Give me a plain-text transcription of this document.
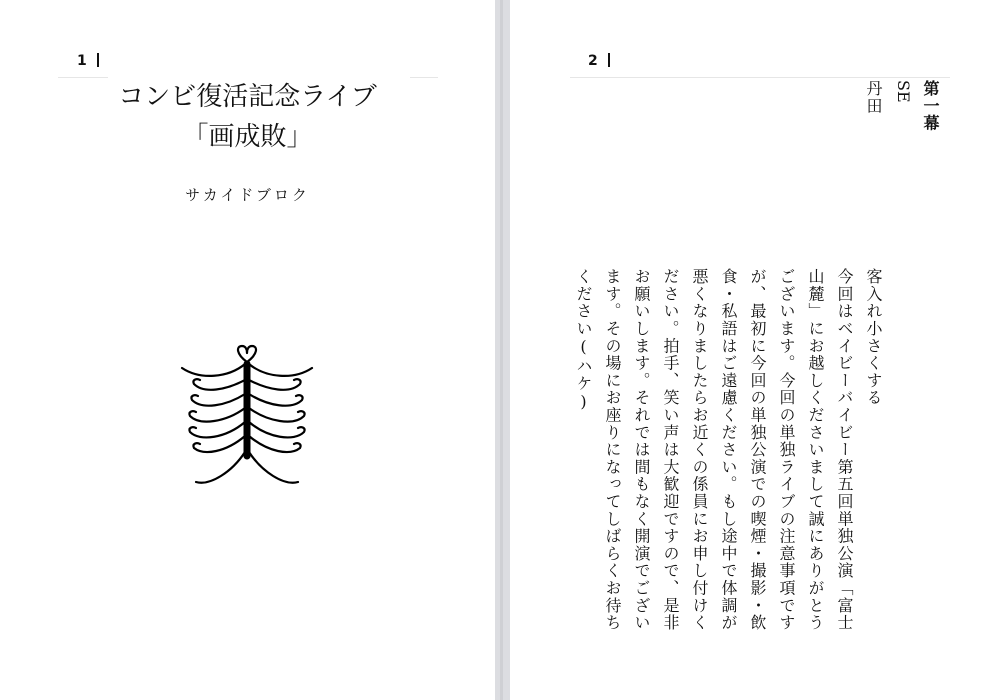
1
コンビ復活記念ライブ
「画成敗」
サカイドブロク
2
第一幕
SE
丹田
客入れ小さくする
今回はベイビーバイビー第五回単独公演「富士
山麓」にお越しくださいまして誠にありがとう
ございます。今回の単独ライブの注意事項です
が、最初に今回の単独公演での喫煙・撮影・飲
食・私語はご遠慮ください。もし途中で体調が
悪くなりましたらお近くの係員にお申し付けく
ださい。拍手、笑い声は大歓迎ですので、是非
お願いします。それでは間もなく開演でござい
ます。その場にお座りになってしばらくお待ち
ください(ハケ)
